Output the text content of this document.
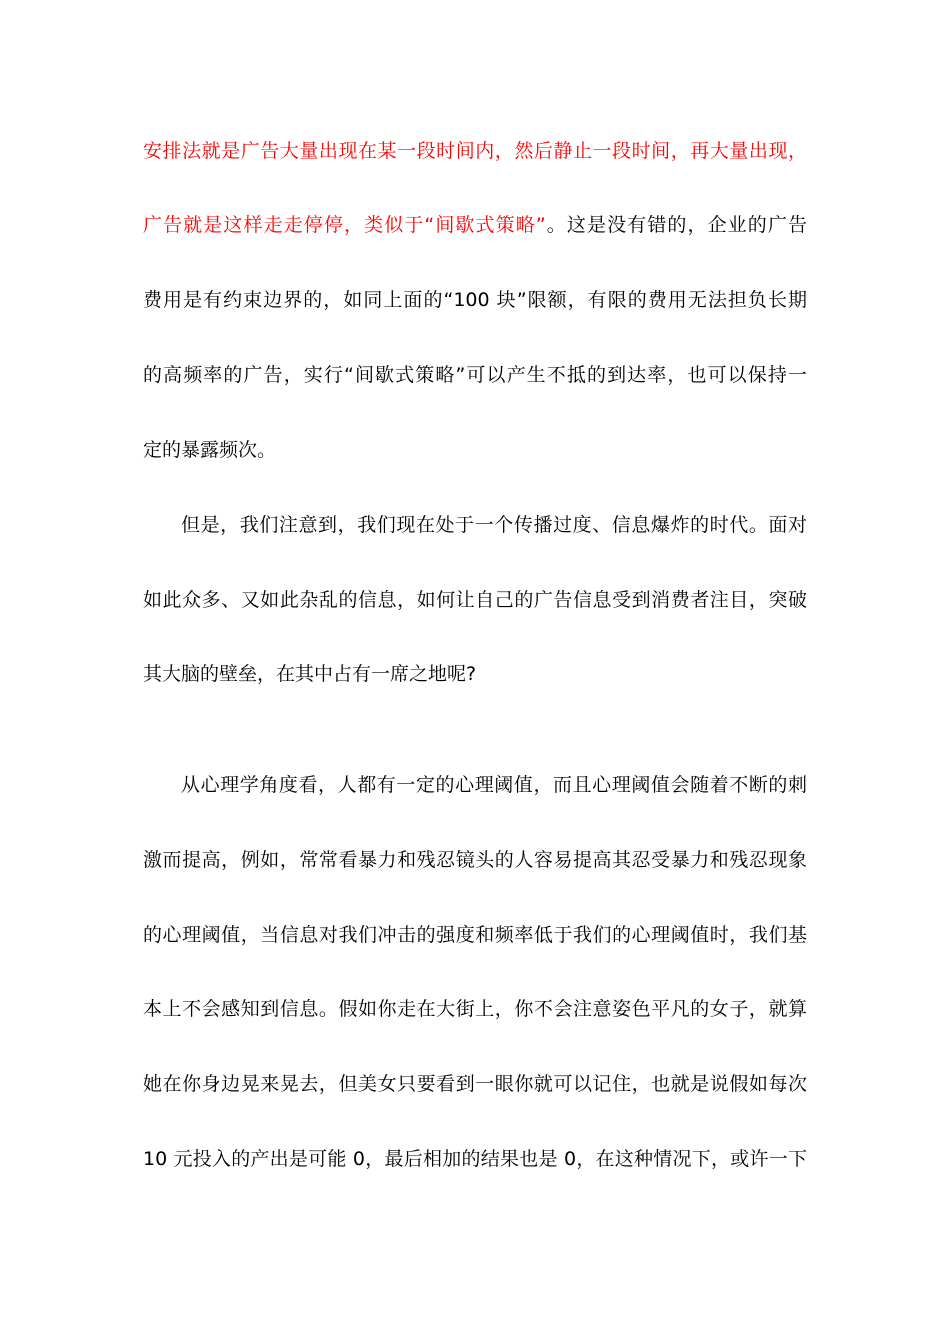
安排法就是广告大量出现在某一段时间内，然后静止一段时间，再大量出现，
广告就是这样走走停停，类似于“间歇式策略”。这是没有错的，企业的广告
费用是有约束边界的，如同上面的“100 块”限额，有限的费用无法担负长期
的高频率的广告，实行“间歇式策略”可以产生不抵的到达率，也可以保持一
定的暴露频次。
但是，我们注意到，我们现在处于一个传播过度、信息爆炸的时代。面对
如此众多、又如此杂乱的信息，如何让自己的广告信息受到消费者注目，突破
其大脑的壁垒，在其中占有一席之地呢?
从心理学角度看，人都有一定的心理阈值，而且心理阈值会随着不断的刺
激而提高，例如，常常看暴力和残忍镜头的人容易提高其忍受暴力和残忍现象
的心理阈值，当信息对我们冲击的强度和频率低于我们的心理阈值时，我们基
本上不会感知到信息。假如你走在大街上，你不会注意姿色平凡的女子，就算
她在你身边晃来晃去，但美女只要看到一眼你就可以记住，也就是说假如每次
10 元投入的产出是可能 0，最后相加的结果也是 0，在这种情况下，或许一下
